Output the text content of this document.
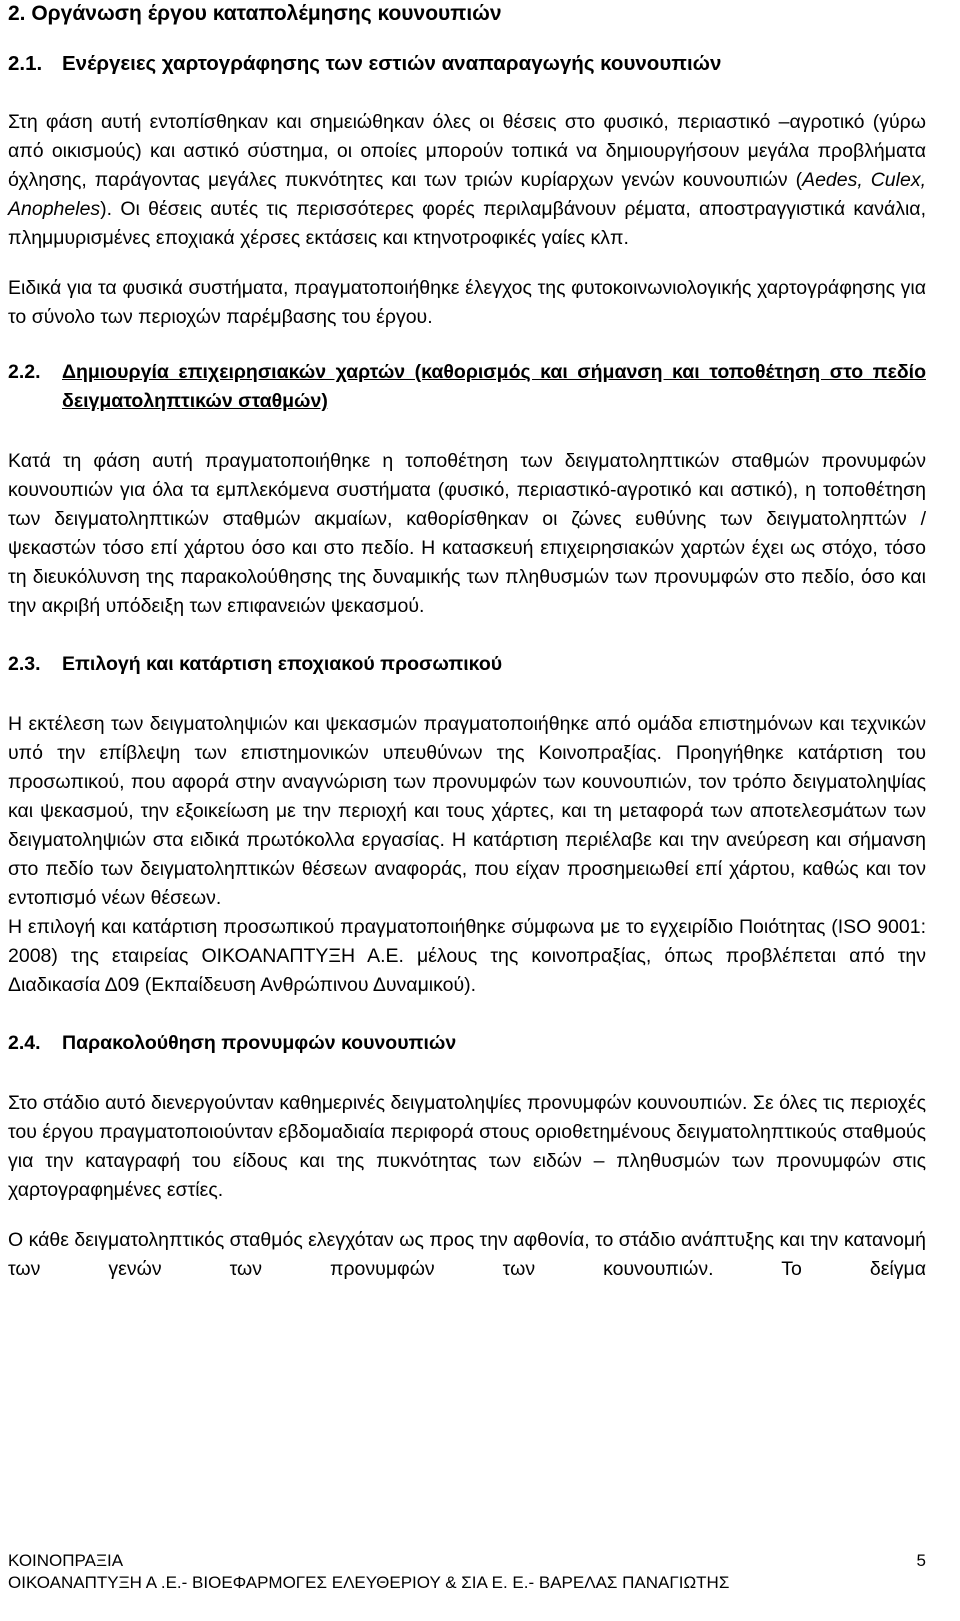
2. Οργάνωση έργου καταπολέμησης κουνουπιών
2.1. Ενέργειες χαρτογράφησης των εστιών αναπαραγωγής κουνουπιών

Στη φάση αυτή εντοπίσθηκαν και σημειώθηκαν όλες οι θέσεις στο φυσικό, περιαστικό –αγροτικό (γύρω από οικισμούς) και αστικό σύστημα, οι οποίες μπορούν τοπικά να δημιουργήσουν μεγάλα προβλήματα όχλησης, παράγοντας μεγάλες πυκνότητες και των τριών κυρίαρχων γενών κουνουπιών (Aedes, Culex, Anopheles). Οι θέσεις αυτές τις περισσότερες φορές περιλαμβάνουν ρέματα, αποστραγγιστικά κανάλια, πλημμυρισμένες εποχιακά χέρσες εκτάσεις και κτηνοτροφικές γαίες κλπ.

Ειδικά για τα φυσικά συστήματα, πραγματοποιήθηκε έλεγχος της φυτοκοινωνιολογικής χαρτογράφησης για το σύνολο των περιοχών παρέμβασης του έργου.

2.2.	Δημιουργία επιχειρησιακών χαρτών (καθορισμός και σήμανση και τοποθέτηση στο πεδίο δειγματοληπτικών σταθμών)

Κατά τη φάση αυτή πραγματοποιήθηκε η τοποθέτηση των δειγματοληπτικών σταθμών προνυμφών κουνουπιών για όλα τα εμπλεκόμενα συστήματα (φυσικό, περιαστικό-αγροτικό και αστικό), η τοποθέτηση των δειγματοληπτικών σταθμών ακμαίων, καθορίσθηκαν οι ζώνες ευθύνης των δειγματοληπτών / ψεκαστών τόσο επί χάρτου όσο και στο πεδίο. Η κατασκευή επιχειρησιακών χαρτών έχει ως στόχο, τόσο τη διευκόλυνση της παρακολούθησης της δυναμικής των πληθυσμών των προνυμφών στο πεδίο, όσο και την ακριβή υπόδειξη των επιφανειών ψεκασμού.

2.3. Επιλογή και κατάρτιση εποχιακού προσωπικού

Η εκτέλεση των δειγματοληψιών και ψεκασμών πραγματοποιήθηκε από ομάδα επιστημόνων και τεχνικών υπό την επίβλεψη των επιστημονικών υπευθύνων της Κοινοπραξίας. Προηγήθηκε κατάρτιση του προσωπικού, που αφορά στην αναγνώριση των προνυμφών των κουνουπιών, τον τρόπο δειγματοληψίας και ψεκασμού, την εξοικείωση με την περιοχή και τους χάρτες, και τη μεταφορά των αποτελεσμάτων των δειγματοληψιών στα ειδικά πρωτόκολλα εργασίας. Η κατάρτιση περιέλαβε και την ανεύρεση και σήμανση στο πεδίο των δειγματοληπτικών θέσεων αναφοράς, που είχαν προσημειωθεί επί χάρτου, καθώς και τον εντοπισμό νέων θέσεων.

Η επιλογή και κατάρτιση προσωπικού πραγματοποιήθηκε σύμφωνα με το εγχειρίδιο Ποιότητας (ISO 9001: 2008) της εταιρείας ΟΙΚΟΑΝΑΠΤΥΞΗ Α.Ε. μέλους της κοινοπραξίας, όπως προβλέπεται από την Διαδικασία Δ09 (Εκπαίδευση Ανθρώπινου Δυναμικού).

2.4. Παρακολούθηση προνυμφών κουνουπιών

Στο στάδιο αυτό διενεργούνταν καθημερινές δειγματοληψίες προνυμφών κουνουπιών. Σε όλες τις περιοχές του έργου πραγματοποιούνταν εβδομαδιαία περιφορά στους οριοθετημένους δειγματοληπτικούς σταθμούς για την καταγραφή του είδους και της πυκνότητας των ειδών – πληθυσμών των προνυμφών στις χαρτογραφημένες εστίες.

Ο κάθε δειγματοληπτικός σταθμός ελεγχόταν ως προς την αφθονία, το στάδιο ανάπτυξης και την κατανομή των γενών των προνυμφών των κουνουπιών. Το δείγμα

ΚΟΙΝΟΠΡΑΞΙΑ	5
ΟΙΚΟΑΝΑΠΤΥΞΗ Α .Ε.- ΒΙΟΕΦΑΡΜΟΓΕΣ ΕΛΕΥΘΕΡΙΟΥ & ΣΙΑ Ε. Ε.- ΒΑΡΕΛΑΣ ΠΑΝΑΓΙΩΤΗΣ
